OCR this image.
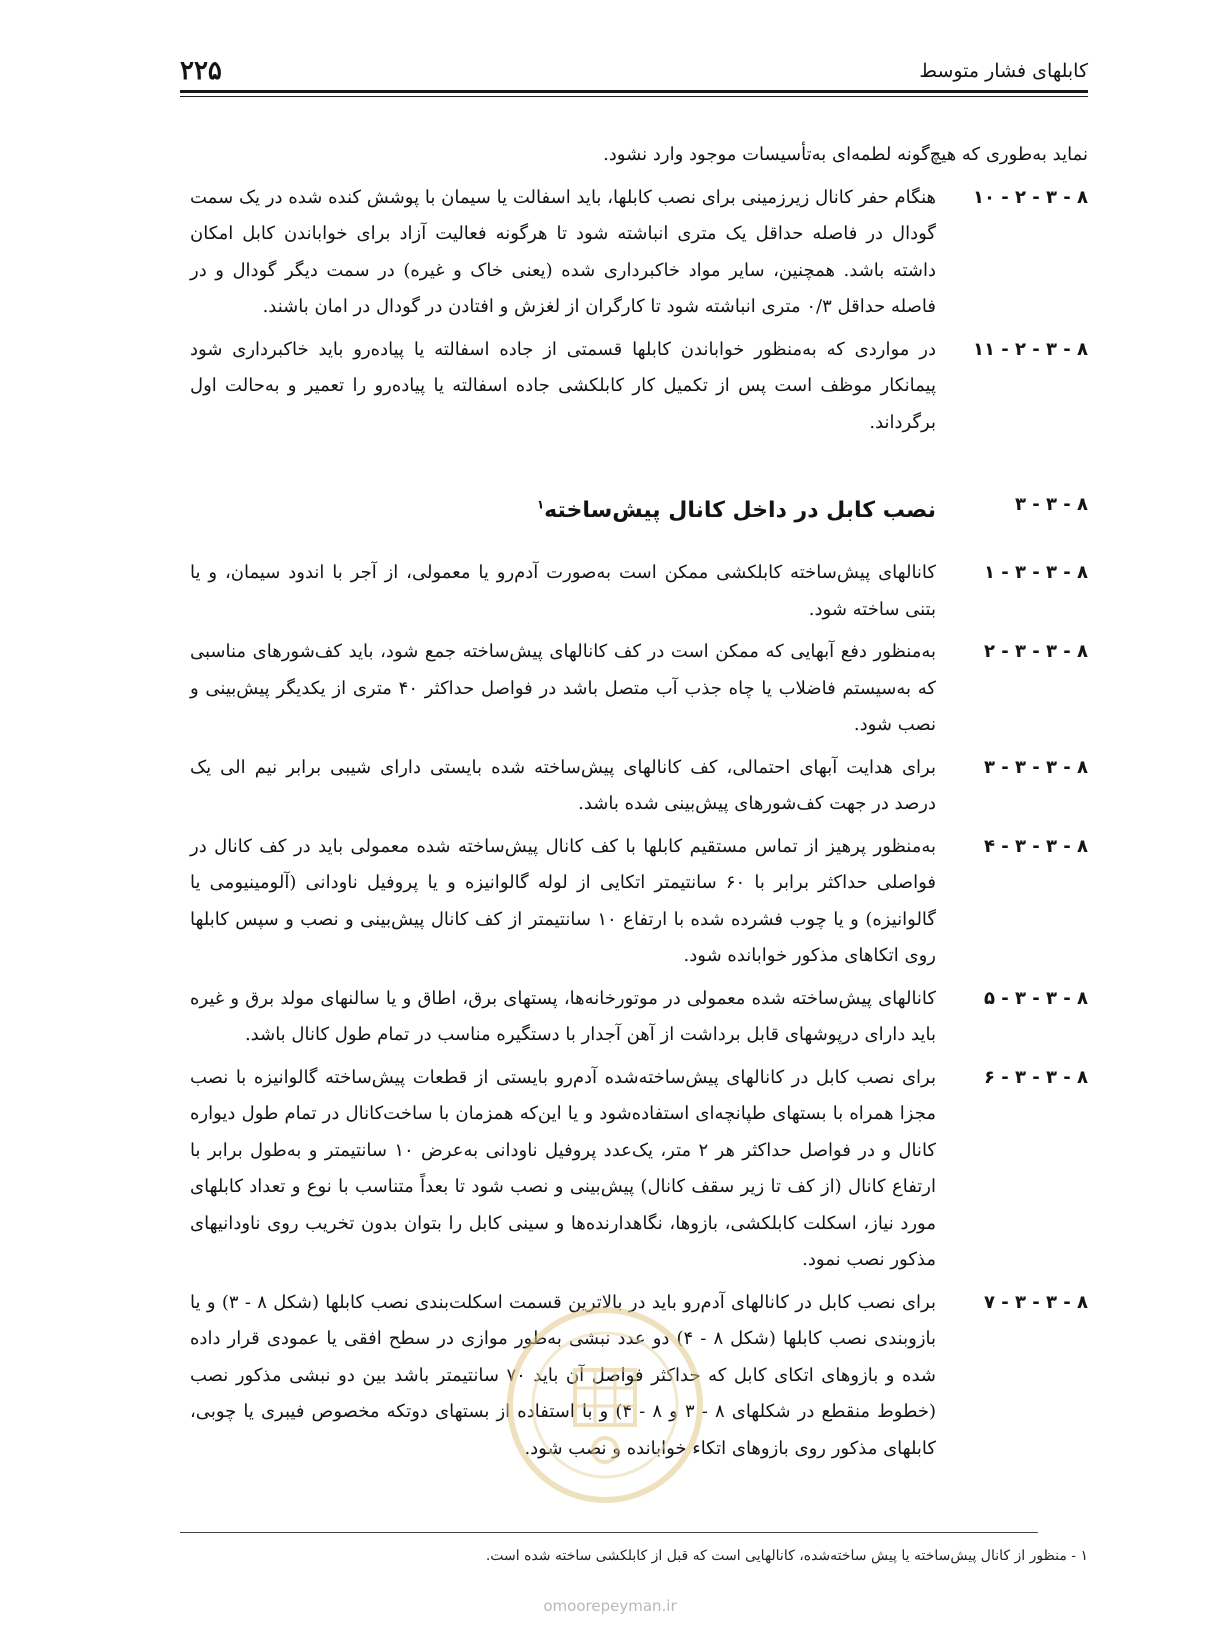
کابلهای فشار متوسط
۲۲۵
نماید به‌طوری که هیچ‌گونه لطمه‌ای به‌تأسیسات موجود وارد نشود.
۸ - ۳ - ۲ - ۱۰
هنگام حفر کانال زیرزمینی برای نصب کابلها، باید اسفالت یا سیمان با پوشش کنده شده در یک سمت گودال در فاصله حداقل یک متری انباشته شود تا هرگونه فعالیت آزاد برای خواباندن کابل امکان داشته باشد. همچنین، سایر مواد خاکبرداری شده (یعنی خاک و غیره) در سمت دیگر گودال و در فاصله حداقل ۰/۳ متری انباشته شود تا کارگران از لغزش و افتادن در گودال در امان باشند.
۸ - ۳ - ۲ - ۱۱
در مواردی که به‌منظور خواباندن کابلها قسمتی از جاده اسفالته یا پیاده‌رو باید خاکبرداری شود پیمانکار موظف است پس از تکمیل کار کابلکشی جاده اسفالته یا پیاده‌رو را تعمیر و به‌حالت اول برگرداند.
۸ - ۳ - ۳
نصب کابل در داخل کانال پیش‌ساخته$^۱$
۸ - ۳ - ۳ - ۱
کانالهای پیش‌ساخته کابلکشی ممکن است به‌صورت آدم‌رو یا معمولی، از آجر با اندود سیمان، و یا بتنی ساخته شود.
۸ - ۳ - ۳ - ۲
به‌منظور دفع آبهایی که ممکن است در کف کانالهای پیش‌ساخته جمع شود، باید کف‌شورهای مناسبی که به‌سیستم فاضلاب یا چاه جذب آب متصل باشد در فواصل حداکثر ۴۰ متری از یکدیگر پیش‌بینی و نصب شود.
۸ - ۳ - ۳ - ۳
برای هدایت آبهای احتمالی، کف کانالهای پیش‌ساخته شده بایستی دارای شیبی برابر نیم الی یک درصد در جهت کف‌شورهای پیش‌بینی شده باشد.
۸ - ۳ - ۳ - ۴
به‌منظور پرهیز از تماس مستقیم کابلها با کف کانال پیش‌ساخته شده معمولی باید در کف کانال در فواصلی حداکثر برابر با ۶۰ سانتیمتر اتکایی از لوله گالوانیزه و یا پروفیل ناودانی (آلومینیومی یا گالوانیزه) و یا چوب فشرده شده با ارتفاع ۱۰ سانتیمتر از کف کانال پیش‌بینی و نصب و سپس کابلها روی اتکاهای مذکور خوابانده شود.
۸ - ۳ - ۳ - ۵
کانالهای پیش‌ساخته شده معمولی در موتورخانه‌ها، پستهای برق، اطاق و یا سالنهای مولد برق و غیره باید دارای درپوشهای قابل برداشت از آهن آجدار با دستگیره مناسب در تمام طول کانال باشد.
۸ - ۳ - ۳ - ۶
برای نصب کابل در کانالهای پیش‌ساخته‌شده آدم‌رو بایستی از قطعات پیش‌ساخته گالوانیزه با نصب مجزا همراه با بستهای طپانچه‌ای استفاده‌شود و یا این‌که همزمان با ساخت‌کانال در تمام طول دیواره کانال و در فواصل حداکثر هر ۲ متر، یک‌عدد پروفیل ناودانی به‌عرض ۱۰ سانتیمتر و به‌طول برابر با ارتفاع کانال (از کف تا زیر سقف کانال) پیش‌بینی و نصب شود تا بعداً متناسب با نوع و تعداد کابلهای مورد نیاز، اسکلت کابلکشی، بازوها، نگاهدارنده‌ها و سینی کابل را بتوان بدون تخریب روی ناودانیهای مذکور نصب نمود.
۸ - ۳ - ۳ - ۷
برای نصب کابل در کانالهای آدم‌رو باید در بالاترین قسمت اسکلت‌بندی نصب کابلها (شکل ۸ - ۳) و یا بازوبندی نصب کابلها (شکل ۸ - ۴) دو عدد نبشی به‌طور موازی در سطح افقی یا عمودی قرار داده شده و بازوهای اتکای کابل که حداکثر فواصل آن باید ۷۰ سانتیمتر باشد بین دو نبشی مذکور نصب (خطوط منقطع در شکلهای ۸ - ۳ و ۸ - ۴) و با استفاده از بستهای دوتکه مخصوص فیبری یا چوبی، کابلهای مذکور روی بازوهای اتکاء خوابانده و نصب شود.
۱ - منظور از کانال پیش‌ساخته یا پیش ساخته‌شده، کانالهایی است که قبل از کابلکشی ساخته شده است.
omoorepeyman.ir
